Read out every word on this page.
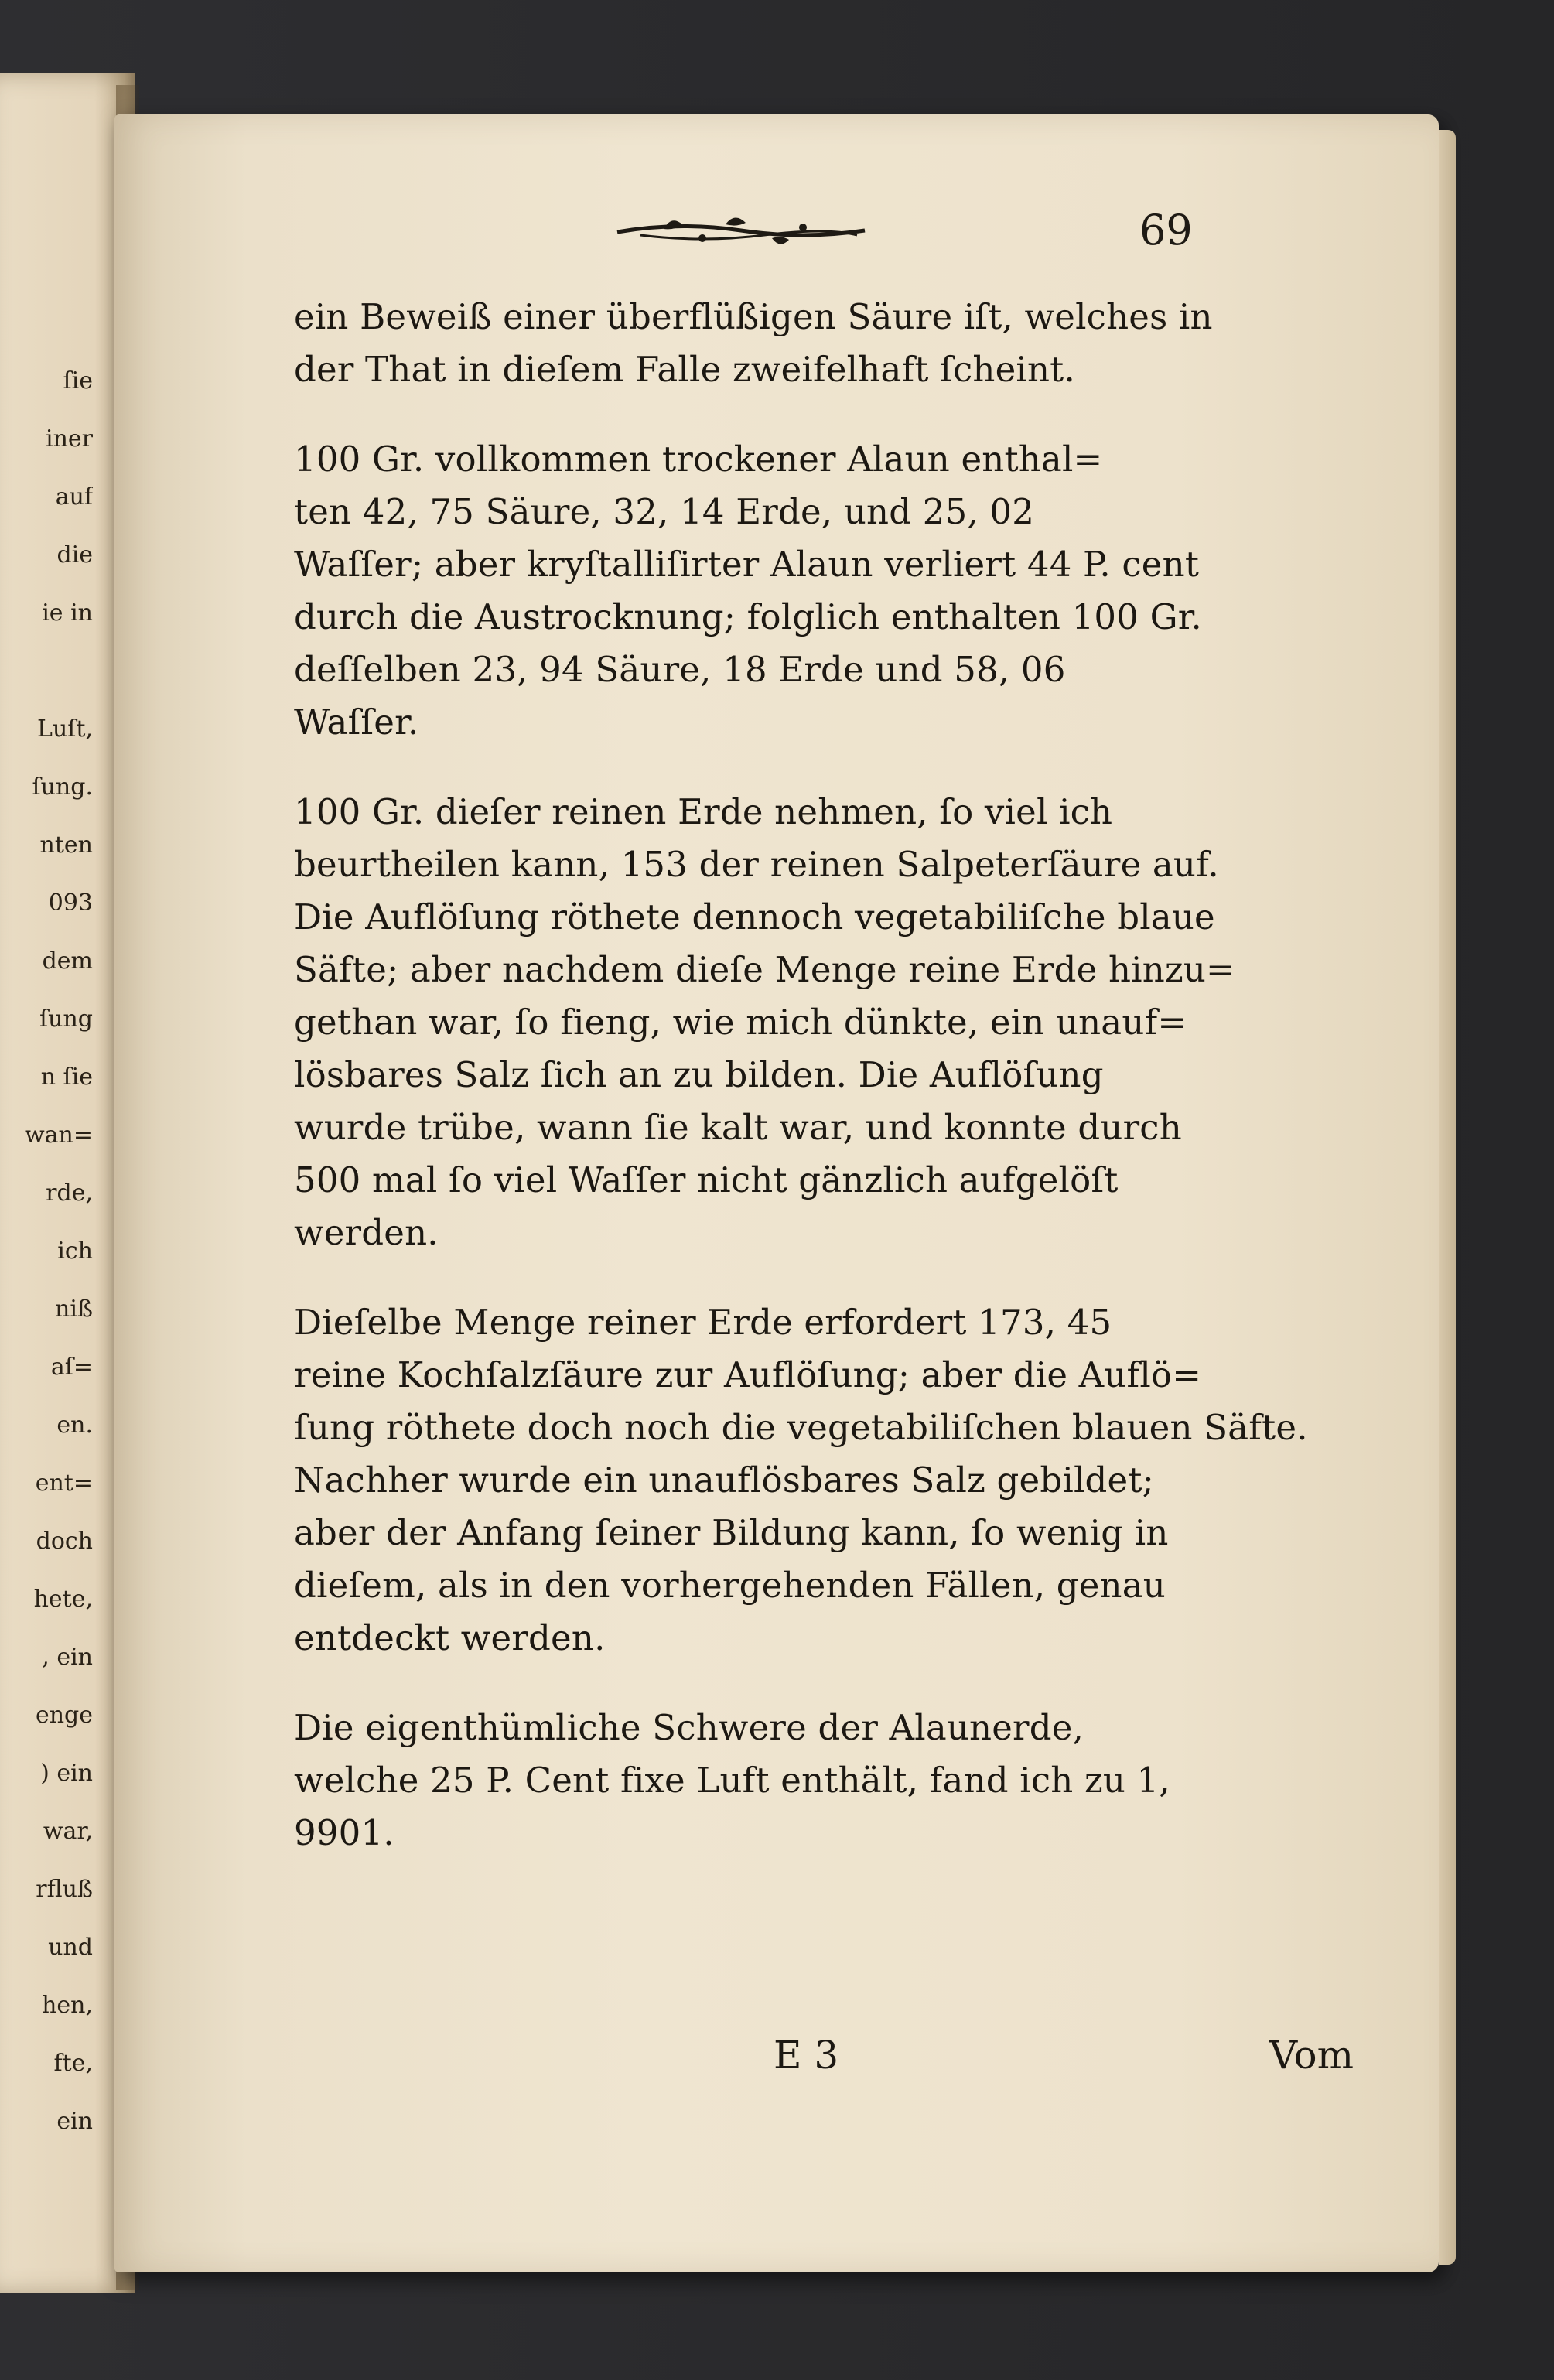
ſie
iner
auf
die
ie in

Luſt,
ſung.
nten
093
dem
ſung
n ſie
wan=
rde,
ich
niß
aſ=
en.
ent=
doch
hete,
, ein
enge
) ein
war,
rfluß
und
hen,
fte,
ein
69

ein Beweiß einer überflüßigen Säure iſt, welches in
der That in dieſem Falle zweifelhaft ſcheint.

100 Gr. vollkommen trockener Alaun enthal=
ten 42, 75 Säure, 32, 14 Erde, und 25, 02
Waſſer; aber kryſtalliſirter Alaun verliert 44 P. cent
durch die Austrocknung; folglich enthalten 100 Gr.
deſſelben 23, 94 Säure, 18 Erde und 58, 06
Waſſer.

100 Gr. dieſer reinen Erde nehmen, ſo viel ich
beurtheilen kann, 153 der reinen Salpeterſäure auf.
Die Auflöſung röthete dennoch vegetabiliſche blaue
Säfte; aber nachdem dieſe Menge reine Erde hinzu=
gethan war, ſo fieng, wie mich dünkte, ein unauf=
lösbares Salz ſich an zu bilden. Die Auflöſung
wurde trübe, wann ſie kalt war, und konnte durch
500 mal ſo viel Waſſer nicht gänzlich aufgelöſt
werden.

Dieſelbe Menge reiner Erde erfordert 173, 45
reine Kochſalzſäure zur Auflöſung; aber die Auflö=
ſung röthete doch noch die vegetabiliſchen blauen Säfte.
Nachher wurde ein unauflösbares Salz gebildet;
aber der Anfang ſeiner Bildung kann, ſo wenig in
dieſem, als in den vorhergehenden Fällen, genau
entdeckt werden.

Die eigenthümliche Schwere der Alaunerde,
welche 25 P. Cent fixe Luft enthält, fand ich zu 1,
9901.

E 3	Vom
